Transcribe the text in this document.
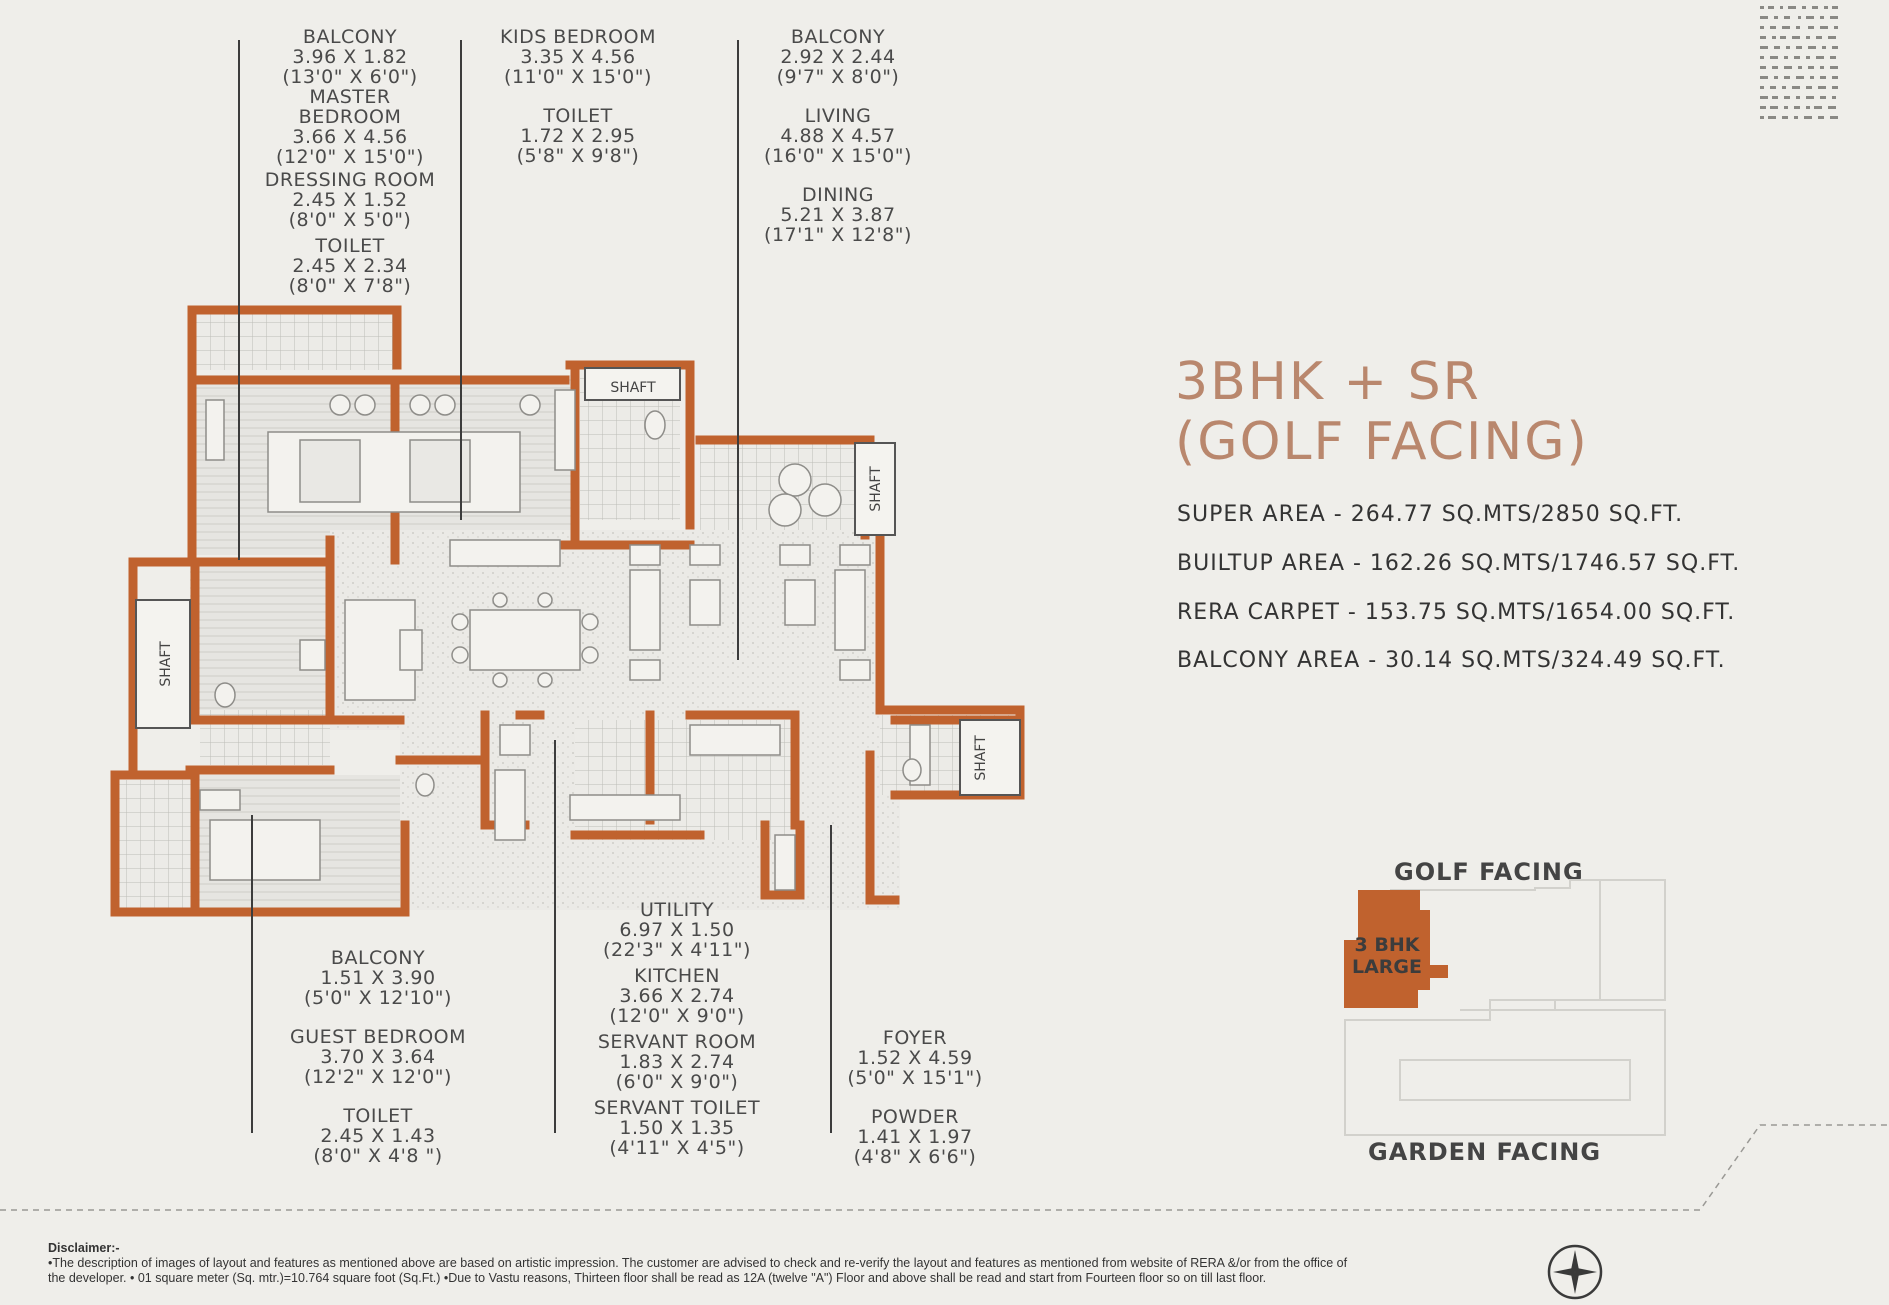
SHAFT
SHAFT
SHAFT
SHAFT
BALCONY
3.96 X 1.82
(13'0" X 6'0")
MASTER
BEDROOM
3.66 X 4.56
(12'0" X 15'0")
DRESSING ROOM
2.45 X 1.52
(8'0" X 5'0")
TOILET
2.45 X 2.34
(8'0" X 7'8")
KIDS BEDROOM
3.35 X 4.56
(11'0" X 15'0")
TOILET
1.72 X 2.95
(5'8" X 9'8")
BALCONY
2.92 X 2.44
(9'7" X 8'0")
LIVING
4.88 X 4.57
(16'0" X 15'0")
DINING
5.21 X 3.87
(17'1" X 12'8")
BALCONY
1.51 X 3.90
(5'0" X 12'10")
GUEST BEDROOM
3.70 X 3.64
(12'2" X 12'0")
TOILET
2.45 X 1.43
(8'0" X 4'8 ")
UTILITY
6.97 X 1.50
(22'3" X 4'11")
KITCHEN
3.66 X 2.74
(12'0" X 9'0")
SERVANT ROOM
1.83 X 2.74
(6'0" X 9'0")
SERVANT TOILET
1.50 X 1.35
(4'11" X 4'5")
FOYER
1.52 X 4.59
(5'0" X 15'1")
POWDER
1.41 X 1.97
(4'8" X 6'6")
3BHK + SR
(GOLF FACING)
SUPER AREA - 264.77 SQ.MTS/2850 SQ.FT.
BUILTUP AREA - 162.26 SQ.MTS/1746.57 SQ.FT.
RERA CARPET - 153.75 SQ.MTS/1654.00 SQ.FT.
BALCONY AREA - 30.14 SQ.MTS/324.49 SQ.FT.
GOLF FACING
GARDEN FACING
3 BHK
LARGE
Disclaimer:-
•The description of images of layout and features as mentioned above are based on artistic impression. The customer are advised to check and re-verify the layout and features as mentioned from website of RERA &/or from the office of the developer. • 01 square meter (Sq. mtr.)=10.764 square foot (Sq.Ft.) •Due to Vastu reasons, Thirteen floor shall be read as 12A (twelve "A") Floor and above shall be read and start from Fourteen floor so on till last floor.
